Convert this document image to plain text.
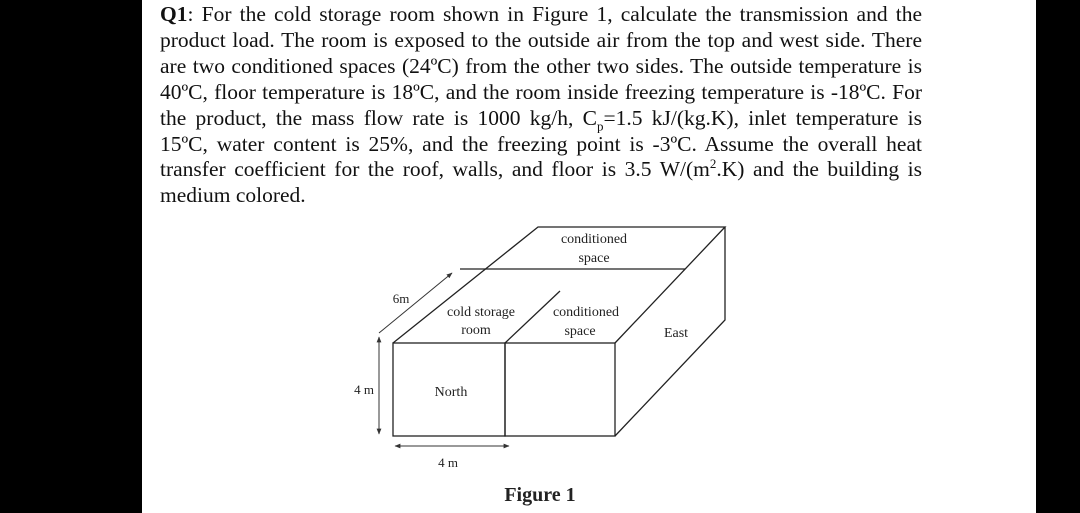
Q1: For the cold storage room shown in Figure 1, calculate the transmission and the product load. The room is exposed to the outside air from the top and west side. There are two conditioned spaces (24ºC) from the other two sides. The outside temperature is 40ºC, floor temperature is 18ºC, and the room inside freezing temperature is -18ºC. For the product, the mass flow rate is 1000 kg/h, $C_p=1.5$ kJ/(kg.K), inlet temperature is 15ºC, water content is 25%, and the freezing point is -3ºC. Assume the overall heat transfer coefficient for the roof, walls, and floor is 3.5 $W/(m^2.K)$ and the building is medium colored.

conditioned
space
cold storage
room
conditioned
space	East
North
6m
4 m
4 m
Figure 1
